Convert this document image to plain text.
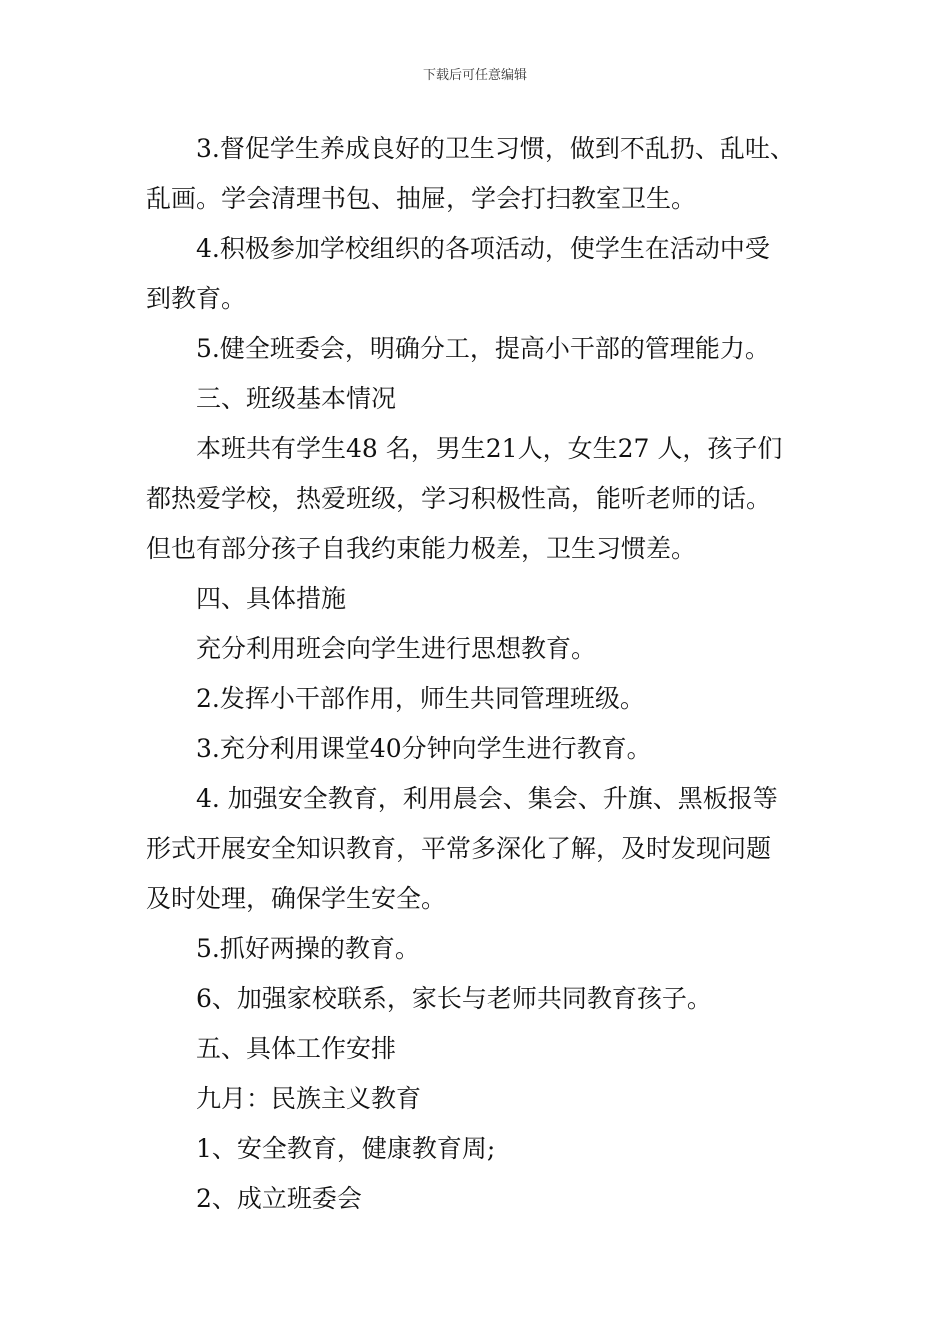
下载后可任意编辑

3.督促学生养成良好的卫生习惯，做到不乱扔、乱吐、

乱画。学会清理书包、抽屉，学会打扫教室卫生。

4.积极参加学校组织的各项活动，使学生在活动中受

到教育。

5.健全班委会，明确分工，提高小干部的管理能力。

三、班级基本情况

本班共有学生48 名，男生21人，女生27 人，孩子们

都热爱学校，热爱班级，学习积极性高，能听老师的话。

但也有部分孩子自我约束能力极差，卫生习惯差。

四、具体措施

充分利用班会向学生进行思想教育。

2.发挥小干部作用，师生共同管理班级。

3.充分利用课堂40分钟向学生进行教育。

4. 加强安全教育，利用晨会、集会、升旗、黑板报等

形式开展安全知识教育，平常多深化了解，及时发现问题

及时处理，确保学生安全。

5.抓好两操的教育。

6、加强家校联系，家长与老师共同教育孩子。

五、具体工作安排

九月：民族主义教育

1、安全教育，健康教育周;

2、成立班委会
